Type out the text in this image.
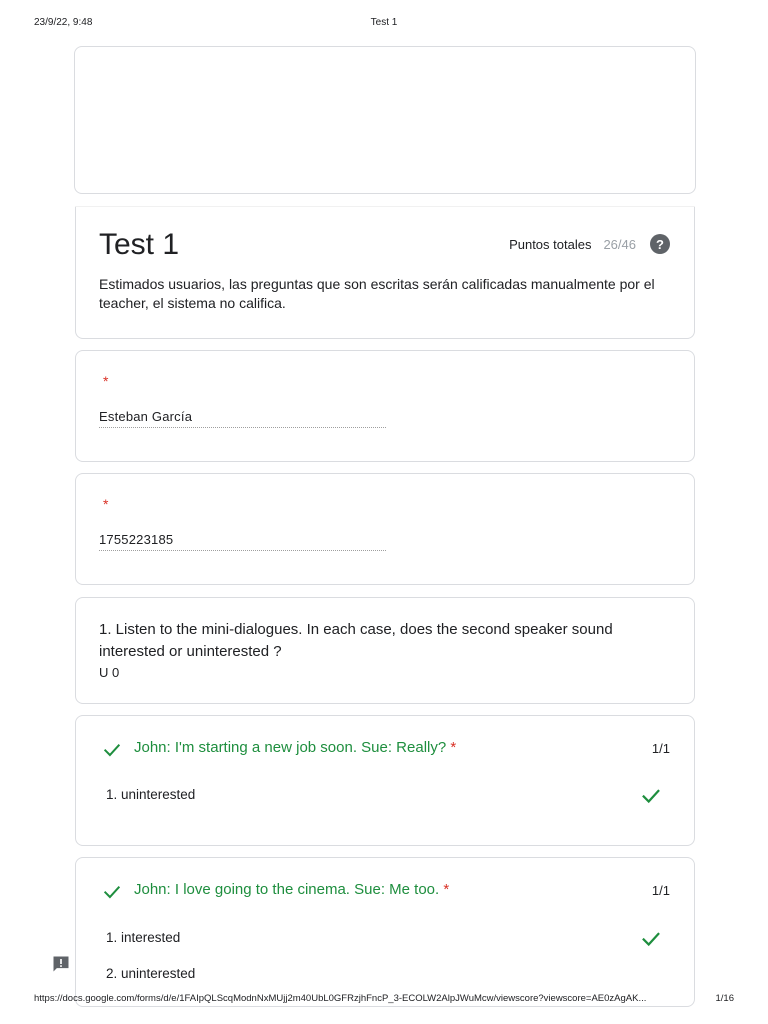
23/9/22, 9:48	Test 1
Test 1	Puntos totales 26/46	?

Estimados usuarios, las preguntas que son escritas serán calificadas manualmente por el teacher, el sistema no califica.

*
Esteban García
*
1755223185
1. Listen to the mini-dialogues. In each case, does the second speaker sound interested or uninterested ?
U 0
John: I'm starting a new job soon. Sue: Really? *	1/1
1. uninterested
John: I love going to the cinema. Sue: Me too. *	1/1
1. interested
2. uninterested
https://docs.google.com/forms/d/e/1FAIpQLScqModnNxMUjj2m40UbL0GFRzjhFncP_3-ECOLW2AlpJWuMcw/viewscore?viewscore=AE0zAgAK...	1/16
